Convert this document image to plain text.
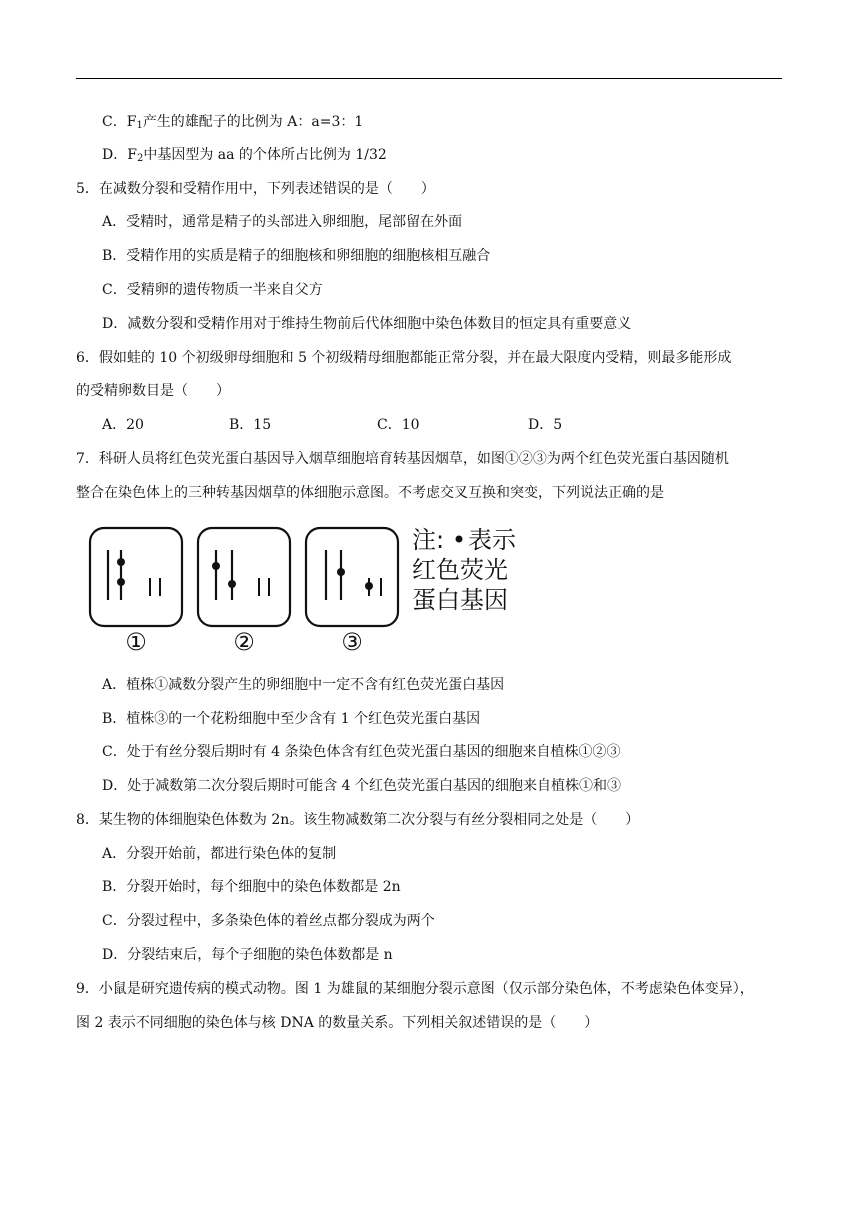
C．$F_1$产生的雄配子的比例为 A：a=3：1
D．$F_2$中基因型为 aa 的个体所占比例为 1/32
5．在减数分裂和受精作用中，下列表述错误的是（　　）
A．受精时，通常是精子的头部进入卵细胞，尾部留在外面
B．受精作用的实质是精子的细胞核和卵细胞的细胞核相互融合
C．受精卵的遗传物质一半来自父方
D．减数分裂和受精作用对于维持生物前后代体细胞中染色体数目的恒定具有重要意义
6．假如蛙的 10 个初级卵母细胞和 5 个初级精母细胞都能正常分裂，并在最大限度内受精，则最多能形成
的受精卵数目是（　　）
A．20	B．15	C．10	D．5
7．科研人员将红色荧光蛋白基因导入烟草细胞培育转基因烟草，如图①②③为两个红色荧光蛋白基因随机
整合在染色体上的三种转基因烟草的体细胞示意图。不考虑交叉互换和突变，下列说法正确的是
①	②	③
注: 表示
红色荧光
蛋白基因
A．植株①减数分裂产生的卵细胞中一定不含有红色荧光蛋白基因
B．植株③的一个花粉细胞中至少含有 1 个红色荧光蛋白基因
C．处于有丝分裂后期时有 4 条染色体含有红色荧光蛋白基因的细胞来自植株①②③
D．处于减数第二次分裂后期时可能含 4 个红色荧光蛋白基因的细胞来自植株①和③
8．某生物的体细胞染色体数为 2n。该生物减数第二次分裂与有丝分裂相同之处是（　　）
A．分裂开始前，都进行染色体的复制
B．分裂开始时，每个细胞中的染色体数都是 2n
C．分裂过程中，多条染色体的着丝点都分裂成为两个
D．分裂结束后，每个子细胞的染色体数都是 n
9．小鼠是研究遗传病的模式动物。图 1 为雄鼠的某细胞分裂示意图（仅示部分染色体，不考虑染色体变异），
图 2 表示不同细胞的染色体与核 DNA 的数量关系。下列相关叙述错误的是（　　）
